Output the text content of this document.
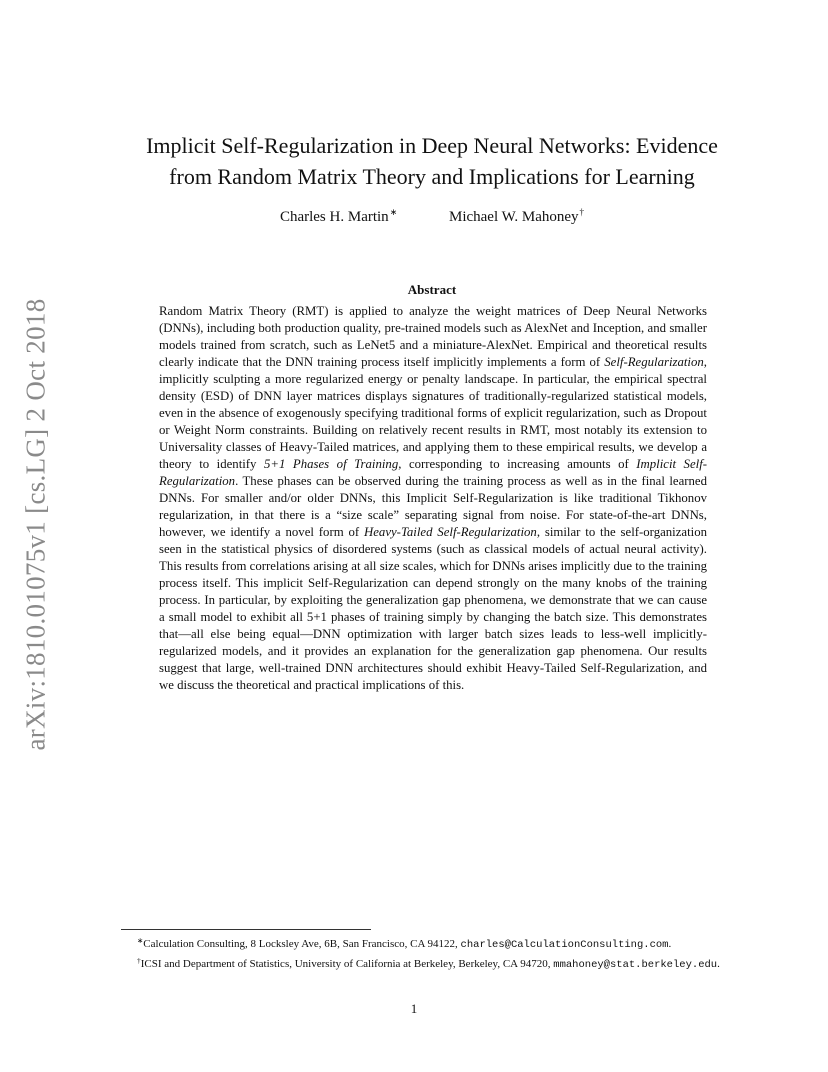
arXiv:1810.01075v1 [cs.LG] 2 Oct 2018
Implicit Self-Regularization in Deep Neural Networks: Evidence
from Random Matrix Theory and Implications for Learning
Charles H. Martin∗	Michael W. Mahoney†
Abstract

Random Matrix Theory (RMT) is applied to analyze the weight matrices of Deep Neural Networks (DNNs), including both production quality, pre-trained models such as AlexNet and Inception, and smaller models trained from scratch, such as LeNet5 and a miniature-AlexNet. Empirical and theoretical results clearly indicate that the DNN training process itself implicitly implements a form of Self-Regularization, implicitly sculpting a more regularized energy or penalty landscape. In particular, the empirical spectral density (ESD) of DNN layer matrices displays signatures of traditionally-regularized statistical models, even in the absence of exogenously specifying traditional forms of explicit regularization, such as Dropout or Weight Norm constraints. Building on relatively recent results in RMT, most notably its extension to Universality classes of Heavy-Tailed matrices, and applying them to these empirical results, we develop a theory to identify 5+1 Phases of Training, corresponding to increasing amounts of Implicit Self-Regularization. These phases can be observed during the training process as well as in the final learned DNNs. For smaller and/or older DNNs, this Implicit Self-Regularization is like traditional Tikhonov regularization, in that there is a “size scale” separating signal from noise. For state-of-the-art DNNs, however, we identify a novel form of Heavy-Tailed Self-Regularization, similar to the self-organization seen in the statistical physics of disordered systems (such as classical models of actual neural activity). This results from correlations arising at all size scales, which for DNNs arises implicitly due to the training process itself. This implicit Self-Regularization can depend strongly on the many knobs of the training process. In particular, by exploiting the generalization gap phenomena, we demonstrate that we can cause a small model to exhibit all 5+1 phases of training simply by changing the batch size. This demonstrates that—all else being equal—DNN optimization with larger batch sizes leads to less-well implicitly-regularized models, and it provides an explanation for the generalization gap phenomena. Our results suggest that large, well-trained DNN architectures should exhibit Heavy-Tailed Self-Regularization, and we discuss the theoretical and practical implications of this.

∗Calculation Consulting, 8 Locksley Ave, 6B, San Francisco, CA 94122, charles@CalculationConsulting.com.
†ICSI and Department of Statistics, University of California at Berkeley, Berkeley, CA 94720, mmahoney@stat.berkeley.edu.
1
